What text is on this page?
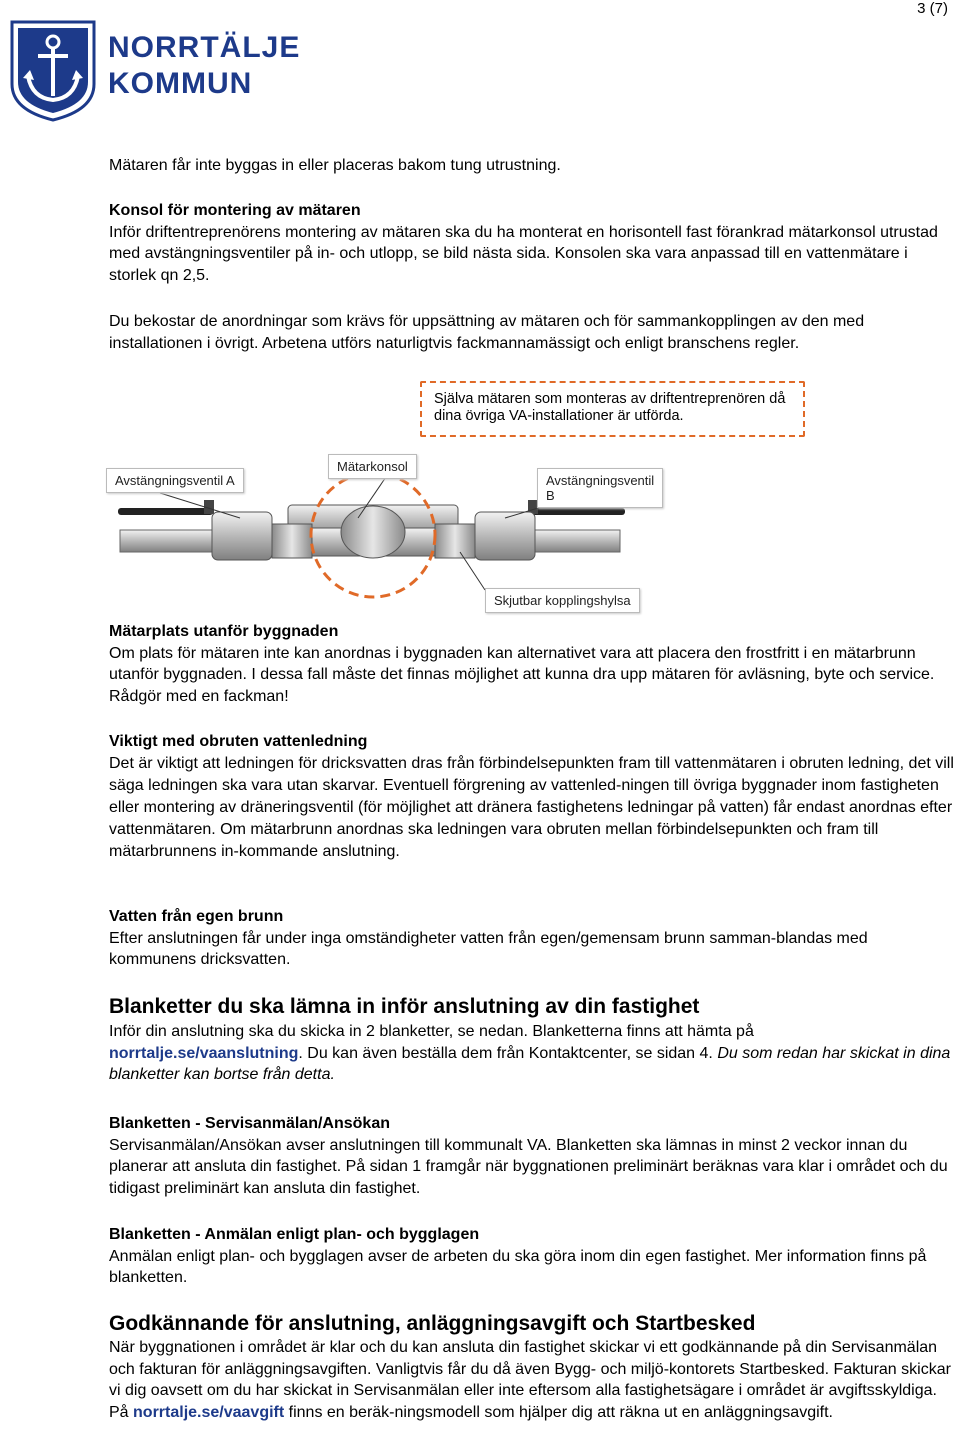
3 (7)
NORRTÄLJE
KOMMUN

Mätaren får inte byggas in eller placeras bakom tung utrustning.

Konsol för montering av mätaren
Inför driftentreprenörens montering av mätaren ska du ha monterat en horisontell fast förankrad mätarkonsol utrustad med avstängningsventiler på in- och utlopp, se bild nästa sida. Konsolen ska vara anpassad till en vattenmätare i storlek qn 2,5.

Du bekostar de anordningar som krävs för uppsättning av mätaren och för sammankopplingen av den med installationen i övrigt. Arbetena utförs naturligtvis fackmannamässigt och enligt branschens regler.

Själva mätaren som monteras av driftentreprenören då dina övriga VA-installationer är utförda.
Avstängningsventil A
Mätarkonsol
Avstängningsventil B
Skjutbar kopplingshylsa
Mätarplats utanför byggnaden
Om plats för mätaren inte kan anordnas i byggnaden kan alternativet vara att placera den frostfritt i en mätarbrunn utanför byggnaden. I dessa fall måste det finnas möjlighet att kunna dra upp mätaren för avläsning, byte och service. Rådgör med en fackman!
Viktigt med obruten vattenledning
Det är viktigt att ledningen för dricksvatten dras från förbindelsepunkten fram till vattenmätaren i obruten ledning, det vill säga ledningen ska vara utan skarvar. Eventuell förgrening av vattenled-ningen till övriga byggnader inom fastigheten eller montering av dräneringsventil (för möjlighet att dränera fastighetens ledningar på vatten) får endast anordnas efter vattenmätaren. Om mätarbrunn anordnas ska ledningen vara obruten mellan förbindelsepunkten och fram till mätarbrunnens in-kommande anslutning.
Vatten från egen brunn
Efter anslutningen får under inga omständigheter vatten från egen/gemensam brunn samman-blandas med kommunens dricksvatten.
Blanketter du ska lämna in inför anslutning av din fastighet
Inför din anslutning ska du skicka in 2 blanketter, se nedan. Blanketterna finns att hämta på
norrtalje.se/vaanslutning. Du kan även beställa dem från Kontaktcenter, se sidan 4. Du som redan har skickat in dina blanketter kan bortse från detta.
Blanketten - Servisanmälan/Ansökan
Servisanmälan/Ansökan avser anslutningen till kommunalt VA. Blanketten ska lämnas in minst 2 veckor innan du planerar att ansluta din fastighet. På sidan 1 framgår när byggnationen preliminärt beräknas vara klar i området och du tidigast preliminärt kan ansluta din fastighet.
Blanketten - Anmälan enligt plan- och bygglagen
Anmälan enligt plan- och bygglagen avser de arbeten du ska göra inom din egen fastighet. Mer information finns på blanketten.
Godkännande för anslutning, anläggningsavgift och Startbesked
När byggnationen i området är klar och du kan ansluta din fastighet skickar vi ett godkännande på din Servisanmälan och fakturan för anläggningsavgiften. Vanligtvis får du då även Bygg- och miljö-kontorets Startbesked. Fakturan skickar vi dig oavsett om du har skickat in Servisanmälan eller inte eftersom alla fastighetsägare i området är avgiftsskyldiga. På norrtalje.se/vaavgift finns en beräk-ningsmodell som hjälper dig att räkna ut en anläggningsavgift.
